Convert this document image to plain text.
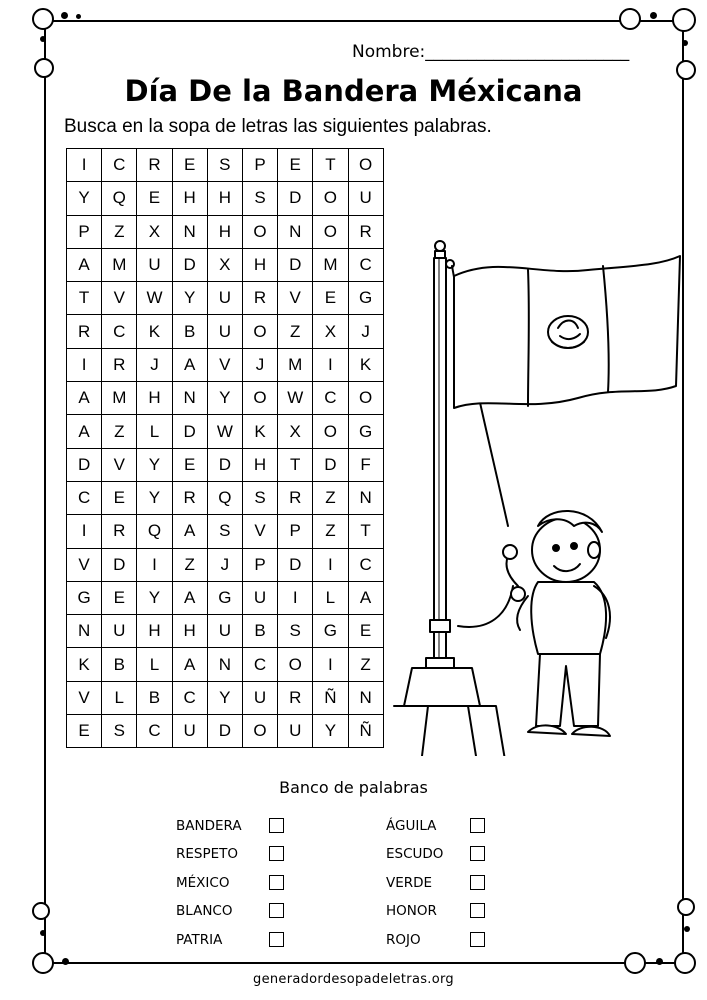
Nombre:________________________
Día De la Bandera Méxicana
Busca en la sopa de letras las siguientes palabras.
I	C	R	E	S	P	E	T	O
Y	Q	E	H	H	S	D	O	U
P	Z	X	N	H	O	N	O	R
A	M	U	D	X	H	D	M	C
T	V	W	Y	U	R	V	E	G
R	C	K	B	U	O	Z	X	J
I	R	J	A	V	J	M	I	K
A	M	H	N	Y	O	W	C	O
A	Z	L	D	W	K	X	O	G
D	V	Y	E	D	H	T	D	F
C	E	Y	R	Q	S	R	Z	N
I	R	Q	A	S	V	P	Z	T
V	D	I	Z	J	P	D	I	C
G	E	Y	A	G	U	I	L	A
N	U	H	H	U	B	S	G	E
K	B	L	A	N	C	O	I	Z
V	L	B	C	Y	U	R	Ñ	N
E	S	C	U	D	O	U	Y	Ñ
Banco de palabras
BANDERA
RESPETO
MÉXICO
BLANCO
PATRIA
ÁGUILA
ESCUDO
VERDE
HONOR
ROJO
generadordesopadeletras.org
